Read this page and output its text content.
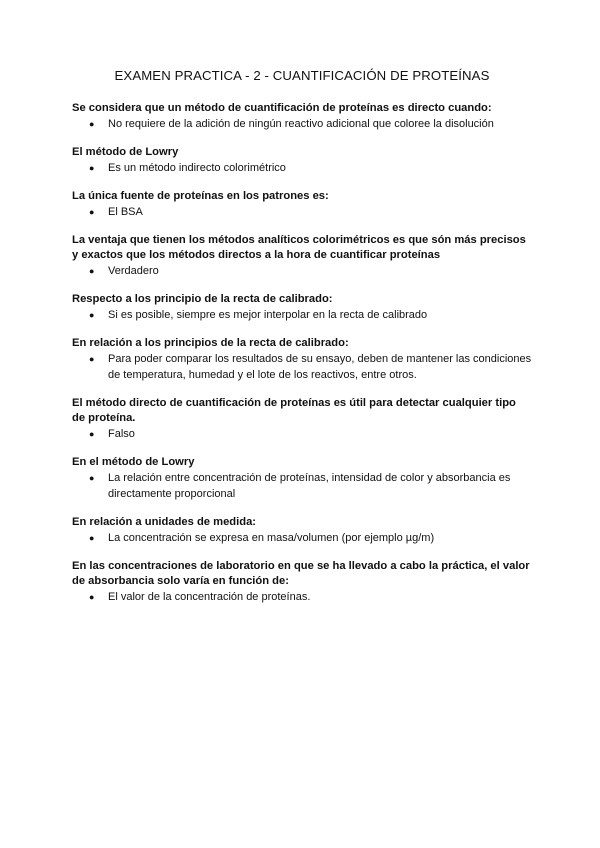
EXAMEN PRACTICA - 2 - CUANTIFICACIÓN DE PROTEÍNAS

Se considera que un método de cuantificación de proteínas es directo cuando:

● No requiere de la adición de ningún reactivo adicional que coloree la disolución

El método de Lowry

● Es un método indirecto colorimétrico

La única fuente de proteínas en los patrones es:

● El BSA

La ventaja que tienen los métodos analíticos colorimétricos es que són más precisos y exactos que los métodos directos a la hora de cuantificar proteínas

● Verdadero

Respecto a los principio de la recta de calibrado:

● Si es posible, siempre es mejor interpolar en la recta de calibrado

En relación a los principios de la recta de calibrado:

● Para poder comparar los resultados de su ensayo, deben de mantener las condiciones de temperatura, humedad y el lote de los reactivos, entre otros.

El método directo de cuantificación de proteínas es útil para detectar cualquier tipo de proteína.

● Falso

En el método de Lowry

● La relación entre concentración de proteínas, intensidad de color y absorbancia es directamente proporcional

En relación a unidades de medida:

● La concentración se expresa en masa/volumen (por ejemplo µg/m)

En las concentraciones de laboratorio en que se ha llevado a cabo la práctica, el valor de absorbancia solo varía en función de:

● El valor de la concentración de proteínas.
